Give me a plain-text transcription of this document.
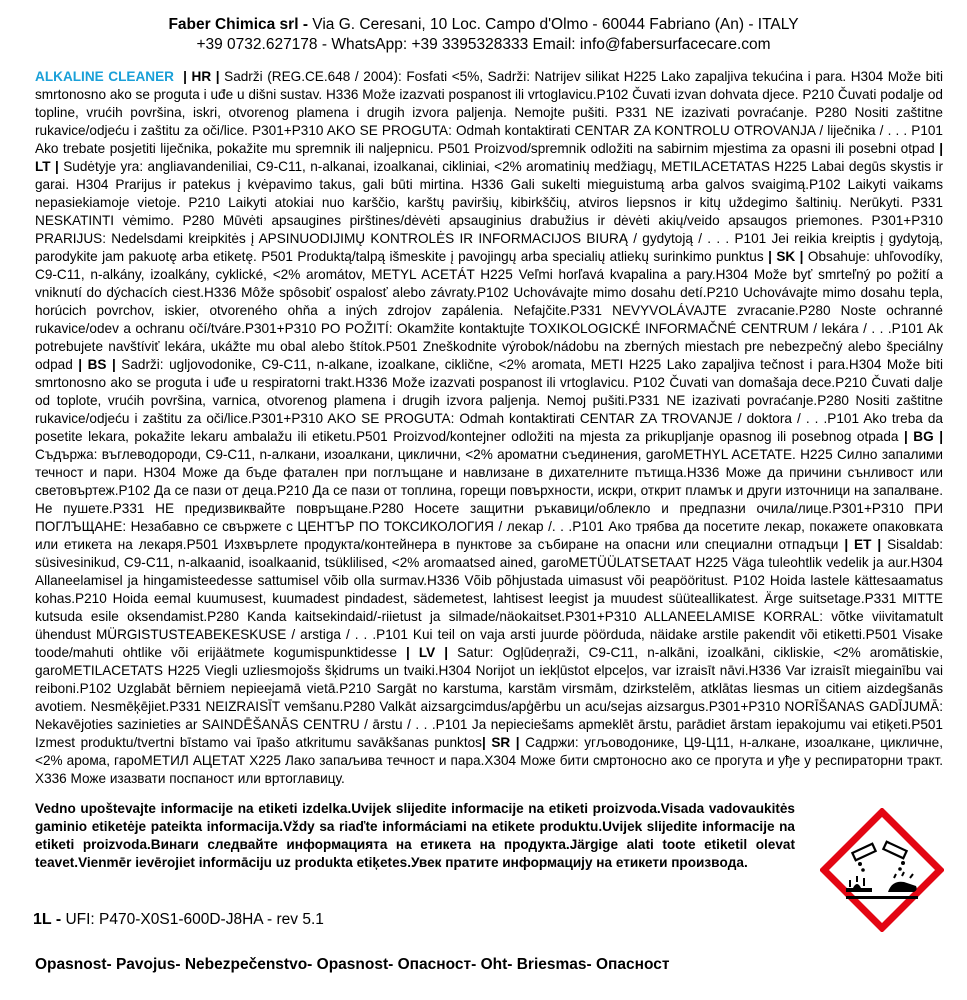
Faber Chimica srl - Via G. Ceresani, 10 Loc. Campo d'Olmo - 60044 Fabriano (An) - ITALY
+39 0732.627178 - WhatsApp: +39 3395328333 Email: info@fabersurfacecare.com
ALKALINE CLEANER | HR | Sadrži (REG.CE.648 / 2004): Fosfati <5%, Sadrži: Natrijev silikat H225 Lako zapaljiva tekućina i para. H304 Može biti smrtonosno ako se proguta i uđe u dišni sustav. H336 Može izazvati pospanost ili vrtoglavicu.P102 Čuvati izvan dohvata djece. P210 Čuvati podalje od topline, vrućih površina, iskri, otvorenog plamena i drugih izvora paljenja. Nemojte pušiti. P331 NE izazivati povraćanje. P280 Nositi zaštitne rukavice/odjeću i zaštitu za oči/lice. P301+P310 AKO SE PROGUTA: Odmah kontaktirati CENTAR ZA KONTROLU OTROVANJA / liječnika / . . . P101 Ako trebate posjetiti liječnika, pokažite mu spremnik ili naljepnicu. P501 Proizvod/spremnik odložiti na sabirnim mjestima za opasni ili posebni otpad | LT | Sudėtyje yra: angliavandeniliai, C9-C11, n-alkanai, izoalkanai, cikliniai, <2% aromatinių medžiagų, METILACETATAS H225 Labai degūs skystis ir garai. H304 Prarijus ir patekus į kvėpavimo takus, gali būti mirtina. H336 Gali sukelti mieguistumą arba galvos svaigimą.P102 Laikyti vaikams nepasiekiamoje vietoje. P210 Laikyti atokiai nuo karščio, karštų paviršių, kibirkščių, atviros liepsnos ir kitų uždegimo šaltinių. Nerūkyti. P331 NESKATINTI vėmimo. P280 Mūvėti apsaugines pirštines/dėvėti apsauginius drabužius ir dėvėti akių/veido apsaugos priemones. P301+P310 PRARIJUS: Nedelsdami kreipkitės į APSINUODIJIMŲ KONTROLĖS IR INFORMACIJOS BIURĄ / gydytoją / . . . P101 Jei reikia kreiptis į gydytoją, parodykite jam pakuotę arba etiketę. P501 Produktą/talpą išmeskite į pavojingų arba specialių atliekų surinkimo punktus | SK | Obsahuje: uhľovodíky, C9-C11, n-alkány, izoalkány, cyklické, <2% aromátov, METYL ACETÁT H225 Veľmi horľavá kvapalina a pary.H304 Može byť smrteľný po požití a vniknutí do dýchacích ciest.H336 Môže spôsobiť ospalosť alebo závraty.P102 Uchovávajte mimo dosahu detí.P210 Uchovávajte mimo dosahu tepla, horúcich povrchov, iskier, otvoreného ohňa a iných zdrojov zapálenia. Nefajčite.P331 NEVYVOLÁVAJTE zvracanie.P280 Noste ochranné rukavice/odev a ochranu očí/tváre.P301+P310 PO POŽITÍ: Okamžite kontaktujte TOXIKOLOGICKÉ INFORMAČNÉ CENTRUM / lekára / . . .P101 Ak potrebujete navštíviť lekára, ukážte mu obal alebo štítok.P501 Zneškodnite výrobok/nádobu na zberných miestach pre nebezpečný alebo špeciálny odpad | BS | Sadrži: ugljovodonike, C9-C11, n-alkane, izoalkane, ciklične, <2% aromata, METI H225 Lako zapaljiva tečnost i para.H304 Može biti smrtonosno ako se proguta i uđe u respiratorni trakt.H336 Može izazvati pospanost ili vrtoglavicu. P102 Čuvati van domašaja dece.P210 Čuvati dalje od toplote, vrućih površina, varnica, otvorenog plamena i drugih izvora paljenja. Nemoj pušiti.P331 NE izazivati povraćanje.P280 Nositi zaštitne rukavice/odjeću i zaštitu za oči/lice.P301+P310 AKO SE PROGUTA: Odmah kontaktirati CENTAR ZA TROVANJE / doktora / . . .P101 Ako treba da posetite lekara, pokažite lekaru ambalažu ili etiketu.P501 Proizvod/kontejner odložiti na mjesta za prikupljanje opasnog ili posebnog otpada | BG | Съдържа: въглеводороди, C9-C11, n-алкани, изоалкани, циклични, <2% ароматни съединения, garoMETHYL ACETATE. H225 Силно запалими течност и пари. H304 Може да бъде фатален при поглъщане и навлизане в дихателните пътища.H336 Може да причини сънливост или световъртеж.P102 Да се пази от деца.P210 Да се пази от топлина, горещи повърхности, искри, открит пламък и други източници на запалване. Не пушете.P331 НЕ предизвиквайте повръщане.P280 Носете защитни ръкавици/облекло и предпазни очила/лице.P301+P310 ПРИ ПОГЛЪЩАНЕ: Незабавно се свържете с ЦЕНТЪР ПО ТОКСИКОЛОГИЯ / лекар /. . .P101 Ако трябва да посетите лекар, покажете опаковката или етикета на лекаря.P501 Изхвърлете продукта/контейнера в пунктове за събиране на опасни или специални отпадъци | ET | Sisaldab: süsivesinikud, C9-C11, n-alkaanid, isoalkaanid, tsüklilised, <2% aromaatsed ained, garoMETÜÜLATSETAAT H225 Väga tuleohtlik vedelik ja aur.H304 Allaneelamisel ja hingamisteedesse sattumisel võib olla surmav.H336 Võib põhjustada uimasust või peapööritust. P102 Hoida lastele kättesaamatus kohas.P210 Hoida eemal kuumusest, kuumadest pindadest, sädemetest, lahtisest leegist ja muudest süüteallikatest. Ärge suitsetage.P331 MITTE kutsuda esile oksendamist.P280 Kanda kaitsekindaid/-riietust ja silmade/näokaitset.P301+P310 ALLANEELAMISE KORRAL: võtke viivitamatult ühendust MÜRGISTUSTEABEKESKUSE / arstiga / . . .P101 Kui teil on vaja arsti juurde pöörduda, näidake arstile pakendit või etiketti.P501 Visake toode/mahuti ohtlike või erijäätmete kogumispunktidesse | LV | Satur: Ogļūdeņraži, C9-C11, n-alkāni, izoalkāni, cikliskie, <2% aromātiskie, garoMETILACETATS H225 Viegli uzliesmojošs šķidrums un tvaiki.H304 Norijot un iekļūstot elpceļos, var izraisīt nāvi.H336 Var izraisīt miegainību vai reiboni.P102 Uzglabāt bērniem nepieejamā vietā.P210 Sargāt no karstuma, karstām virsmām, dzirkstelēm, atklātas liesmas un citiem aizdegšanās avotiem. Nesmēķējiet.P331 NEIZRAISĪT vemšanu.P280 Valkāt aizsargcimdus/apģērbu un acu/sejas aizsargus.P301+P310 NORĪŠANAS GADĪJUMĀ: Nekavējoties sazinieties ar SAINDĒŠANĀS CENTRU / ārstu / . . .P101 Ja nepieciešams apmeklēt ārstu, parādiet ārstam iepakojumu vai etiķeti.P501 Izmest produktu/tvertni bīstamo vai īpašo atkritumu savākšanas punktos| SR | Садржи: угљоводонике, Ц9-Ц11, н-алкане, изоалкане, цикличне, <2% арома, гароМЕТИЛ АЦЕТАТ Х225 Лако запаљива течност и пара.Х304 Може бити смртоносно ако се прогута и уђе у респираторни тракт. Х336 Може изазвати поспаност или вртоглавицу.
Vedno upoštevajte informacije na etiketi izdelka.Uvijek slijedite informacije na etiketi proizvoda.Visada vadovaukitės gaminio etiketėje pateikta informacija.Vždy sa riaďte informáciami na etikete produktu.Uvijek slijedite informacije na etiketi proizvoda.Винаги следвайте информацията на етикета на продукта.Järgige alati toote etiketil olevat teavet.Vienmēr ievērojiet informāciju uz produkta etiķetes.Увек пратите информацију на етикети произвoда.
1L - UFI: P470-X0S1-600D-J8HA - rev 5.1
Opasnost- Pavojus- Nebezpečenstvo- Opasnost- Опасност- Oht- Briesmas- Опасност
